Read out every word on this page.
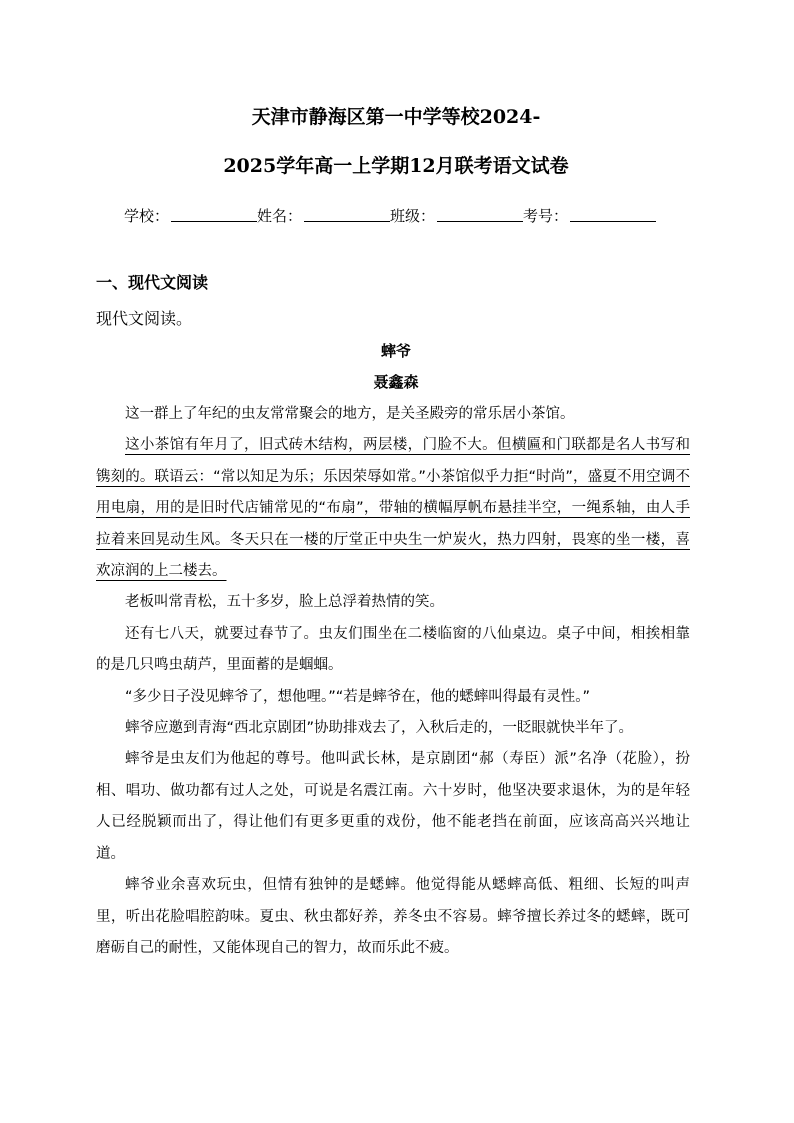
天津市静海区第一中学等校2024-
2025学年高一上学期12月联考语文试卷
学校：	姓名：	班级：	考号：
一、现代文阅读
现代文阅读。
蟀爷
聂鑫森

这一群上了年纪的虫友常常聚会的地方，是关圣殿旁的常乐居小茶馆。

这小茶馆有年月了，旧式砖木结构，两层楼，门脸不大。但横匾和门联都是名人书写和镌刻的。联语云：“常以知足为乐；乐因荣辱如常。”小茶馆似乎力拒“时尚”，盛夏不用空调不用电扇，用的是旧时代店铺常见的“布扇”，带轴的横幅厚帆布悬挂半空，一绳系轴，由人手拉着来回晃动生风。冬天只在一楼的厅堂正中央生一炉炭火，热力四射，畏寒的坐一楼，喜欢凉润的上二楼去。

老板叫常青松，五十多岁，脸上总浮着热情的笑。

还有七八天，就要过春节了。虫友们围坐在二楼临窗的八仙桌边。桌子中间，相挨相靠的是几只鸣虫葫芦，里面蓄的是蝈蝈。

“多少日子没见蟀爷了，想他哩。”“若是蟀爷在，他的蟋蟀叫得最有灵性。”

蟀爷应邀到青海“西北京剧团”协助排戏去了，入秋后走的，一眨眼就快半年了。

蟀爷是虫友们为他起的尊号。他叫武长林，是京剧团“郝（寿臣）派”名净（花脸），扮相、唱功、做功都有过人之处，可说是名震江南。六十岁时，他坚决要求退休，为的是年轻人已经脱颖而出了，得让他们有更多更重的戏份，他不能老挡在前面，应该高高兴兴地让道。

蟀爷业余喜欢玩虫，但情有独钟的是蟋蟀。他觉得能从蟋蟀高低、粗细、长短的叫声里，听出花脸唱腔韵味。夏虫、秋虫都好养，养冬虫不容易。蟀爷擅长养过冬的蟋蟀，既可磨砺自己的耐性，又能体现自己的智力，故而乐此不疲。
